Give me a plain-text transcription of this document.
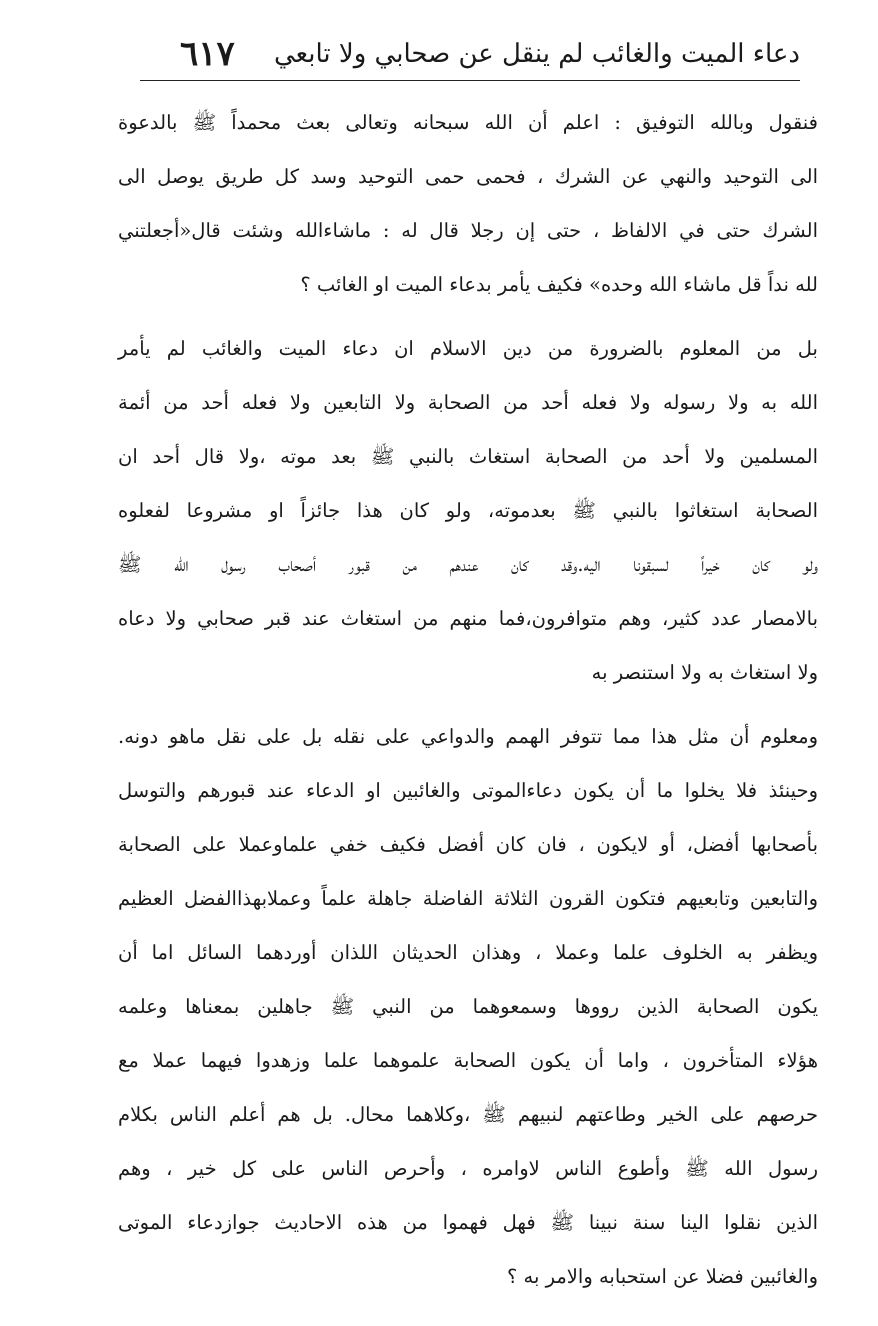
دعاء الميت والغائب لم ينقل عن صحابي ولا تابعي
٦١٧
فنقول وبالله التوفيق : اعلم أن الله سبحانه وتعالى بعث محمداً ﷺ بالدعوة
الى التوحيد والنهي عن الشرك ، فحمى حمى التوحيد وسد كل طريق يوصل الى
الشرك حتى في الالفاظ ، حتى إن رجلا قال له : ماشاءالله وشئت قال«أجعلتني
لله نداً قل ماشاء الله وحده» فكيف يأمر بدعاء الميت او الغائب ؟
بل من المعلوم بالضرورة من دين الاسلام ان دعاء الميت والغائب لم يأمر
الله به ولا رسوله ولا فعله أحد من الصحابة ولا التابعين ولا فعله أحد من أئمة
المسلمين ولا أحد من الصحابة استغاث بالنبي ﷺ بعد موته ،ولا قال أحد ان
الصحابة استغاثوا بالنبي ﷺ بعدموته، ولو كان هذا جائزاً او مشروعا لفعلوه
ولو كان خيراً لسبقونا اليه.وقد كان عندهم من قبور أصحاب رسول الله ﷺ
بالامصار عدد كثير، وهم متوافرون،فما منهم من استغاث عند قبر صحابي ولا دعاه
ولا استغاث به ولا استنصر به
ومعلوم أن مثل هذا مما تتوفر الهمم والدواعي على نقله بل على نقل ماهو دونه.
وحينئذ فلا يخلوا ما أن يكون دعاءالموتى والغائبين او الدعاء عند قبورهم والتوسل
بأصحابها أفضل، أو لايكون ، فان كان أفضل فكيف خفي علماوعملا على الصحابة
والتابعين وتابعيهم فتكون القرون الثلاثة الفاضلة جاهلة علماً وعملابهذاالفضل العظيم
ويظفر به الخلوف علما وعملا ، وهذان الحديثان اللذان أوردهما السائل اما أن
يكون الصحابة الذين رووها وسمعوهما من النبي ﷺ جاهلين بمعناها وعلمه
هؤلاء المتأخرون ، واما أن يكون الصحابة علموهما علما وزهدوا فيهما عملا مع
حرصهم على الخير وطاعتهم لنبيهم ﷺ ،وكلاهما محال. بل هم أعلم الناس بكلام
رسول الله ﷺ وأطوع الناس لاوامره ، وأحرص الناس على كل خير ، وهم
الذين نقلوا الينا سنة نبينا ﷺ فهل فهموا من هذه الاحاديث جوازدعاء الموتى
والغائبين فضلا عن استحبابه والامر به ؟
